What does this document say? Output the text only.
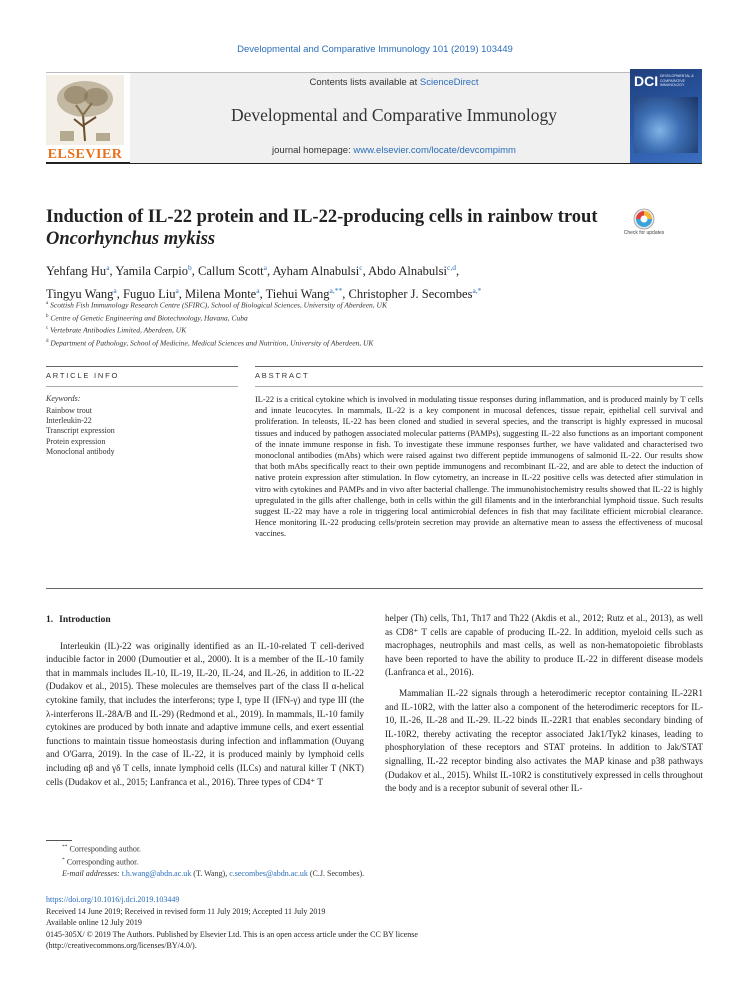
Developmental and Comparative Immunology 101 (2019) 103449
ELSEVIER
Contents lists available at ScienceDirect
Developmental and Comparative Immunology
journal homepage: www.elsevier.com/locate/devcompimm
DCI DEVELOPMENTAL & COMPARATIVE IMMUNOLOGY
Induction of IL-22 protein and IL-22-producing cells in rainbow trout
Oncorhynchus mykiss	Check for updates
Yehfang Hu$^a$, Yamila Carpio$^b$, Callum Scott$^a$, Ayham Alnabulsi$^c$, Abdo Alnabulsi$^{c,d}$,
Tingyu Wang$^a$, Fuguo Liu$^a$, Milena Monte$^a$, Tiehui Wang$^{a,**}$, Christopher J. Secombes$^{a,*}$
$^a$ Scottish Fish Immunology Research Centre (SFIRC), School of Biological Sciences, University of Aberdeen, UK
$^b$ Centre of Genetic Engineering and Biotechnology, Havana, Cuba
$^c$ Vertebrate Antibodies Limited, Aberdeen, UK
$^d$ Department of Pathology, School of Medicine, Medical Sciences and Nutrition, University of Aberdeen, UK
ARTICLE INFO	ABSTRACT
Keywords:
Rainbow trout
Interleukin-22
Transcript expression
Protein expression
Monoclonal antibody
IL-22 is a critical cytokine which is involved in modulating tissue responses during inflammation, and is produced mainly by T cells and innate leucocytes. In mammals, IL-22 is a key component in mucosal defences, tissue repair, epithelial cell survival and proliferation. In teleosts, IL-22 has been cloned and studied in several species, and the transcript is highly expressed in mucosal tissues and induced by pathogen associated molecular patterns (PAMPs), suggesting IL-22 also functions as an important component of the innate immune response in fish. To investigate these immune responses further, we have validated and characterised two monoclonal antibodies (mAbs) which were raised against two different peptide immunogens of salmonid IL-22. Our results show that both mAbs specifically react to their own peptide immunogens and recombinant IL-22, and are able to detect the induction of native protein expression after stimulation. In flow cytometry, an increase in IL-22 positive cells was detected after stimulation in vitro with cytokines and PAMPs and in vivo after bacterial challenge. The immunohistochemistry results showed that IL-22 is highly upregulated in the gills after challenge, both in cells within the gill filaments and in the interbranchial lymphoid tissue. Such results suggest IL-22 may have a role in triggering local antimicrobial defences in fish that may facilitate efficient microbial clearance. Hence monitoring IL-22 producing cells/protein secretion may provide an alternative mean to assess the effectiveness of mucosal vaccines.
1. Introduction

Interleukin (IL)-22 was originally identified as an IL-10-related T cell-derived inducible factor in 2000 (Dumoutier et al., 2000). It is a member of the IL-10 family that in mammals includes IL-10, IL-19, IL-20, IL-24, and IL-26, in addition to IL-22 (Dudakov et al., 2015). These molecules are themselves part of the class II α-helical cytokine family, that includes the interferons; type I, type II (IFN-γ) and type III (the λ-interferons IL-28A/B and IL-29) (Redmond et al., 2019). In mammals, IL-10 family cytokines are produced by both innate and adaptive immune cells, and exert essential functions to maintain tissue homeostasis during infection and inflammation (Ouyang and O'Garra, 2019). In the case of IL-22, it is produced mainly by lymphoid cells including αβ and γδ T cells, innate lymphoid cells (ILCs) and natural killer T (NKT) cells (Dudakov et al., 2015; Lanfranca et al., 2016). Three types of CD4⁺ T

helper (Th) cells, Th1, Th17 and Th22 (Akdis et al., 2012; Rutz et al., 2013), as well as CD8⁺ T cells are capable of producing IL-22. In addition, myeloid cells such as macrophages, neutrophils and mast cells, as well as non-hematopoietic fibroblasts have been reported to have the ability to produce IL-22 in different disease models (Lanfranca et al., 2016).

Mammalian IL-22 signals through a heterodimeric receptor containing IL-22R1 and IL-10R2, with the latter also a component of the heterodimeric receptors for IL-10, IL-26, IL-28 and IL-29. IL-22 binds IL-22R1 that enables secondary binding of IL-10R2, thereby activating the receptor associated Jak1/Tyk2 kinases, leading to phosphorylation of these receptors and STAT proteins. In addition to Jak/STAT signalling, IL-22 receptor binding also activates the MAP kinase and p38 pathways (Dudakov et al., 2015). Whilst IL-10R2 is constitutively expressed in cells throughout the body and is a receptor subunit of several other IL-

** Corresponding author.
* Corresponding author.
E-mail addresses: t.h.wang@abdn.ac.uk (T. Wang), c.secombes@abdn.ac.uk (C.J. Secombes).
https://doi.org/10.1016/j.dci.2019.103449
Received 14 June 2019; Received in revised form 11 July 2019; Accepted 11 July 2019
Available online 12 July 2019
0145-305X/ © 2019 The Authors. Published by Elsevier Ltd. This is an open access article under the CC BY license
(http://creativecommons.org/licenses/BY/4.0/).
